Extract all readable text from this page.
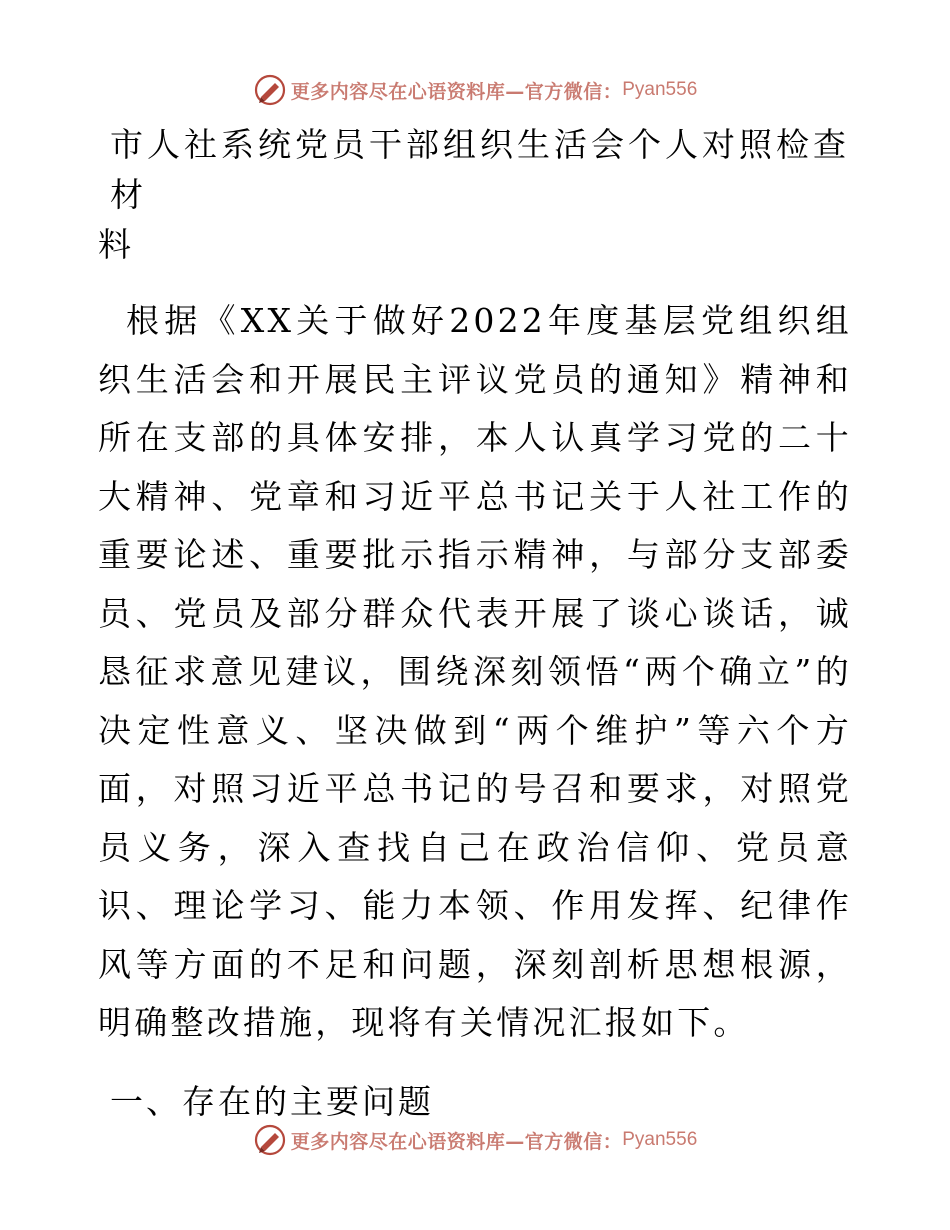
更多内容尽在心语资料库—官方微信： Pyan556
市人社系统党员干部组织生活会个人对照检查材
料

根据《XX关于做好2022年度基层党组织组织生活会和开展民主评议党员的通知》精神和所在支部的具体安排，本人认真学习党的二十大精神、党章和习近平总书记关于人社工作的重要论述、重要批示指示精神，与部分支部委员、党员及部分群众代表开展了谈心谈话，诚恳征求意见建议，围绕深刻领悟“两个确立”的决定性意义、坚决做到“两个维护”等六个方面，对照习近平总书记的号召和要求，对照党员义务，深入查找自己在政治信仰、党员意识、理论学习、能力本领、作用发挥、纪律作风等方面的不足和问题，深刻剖析思想根源，明确整改措施，现将有关情况汇报如下。

一、存在的主要问题
更多内容尽在心语资料库—官方微信： Pyan556
